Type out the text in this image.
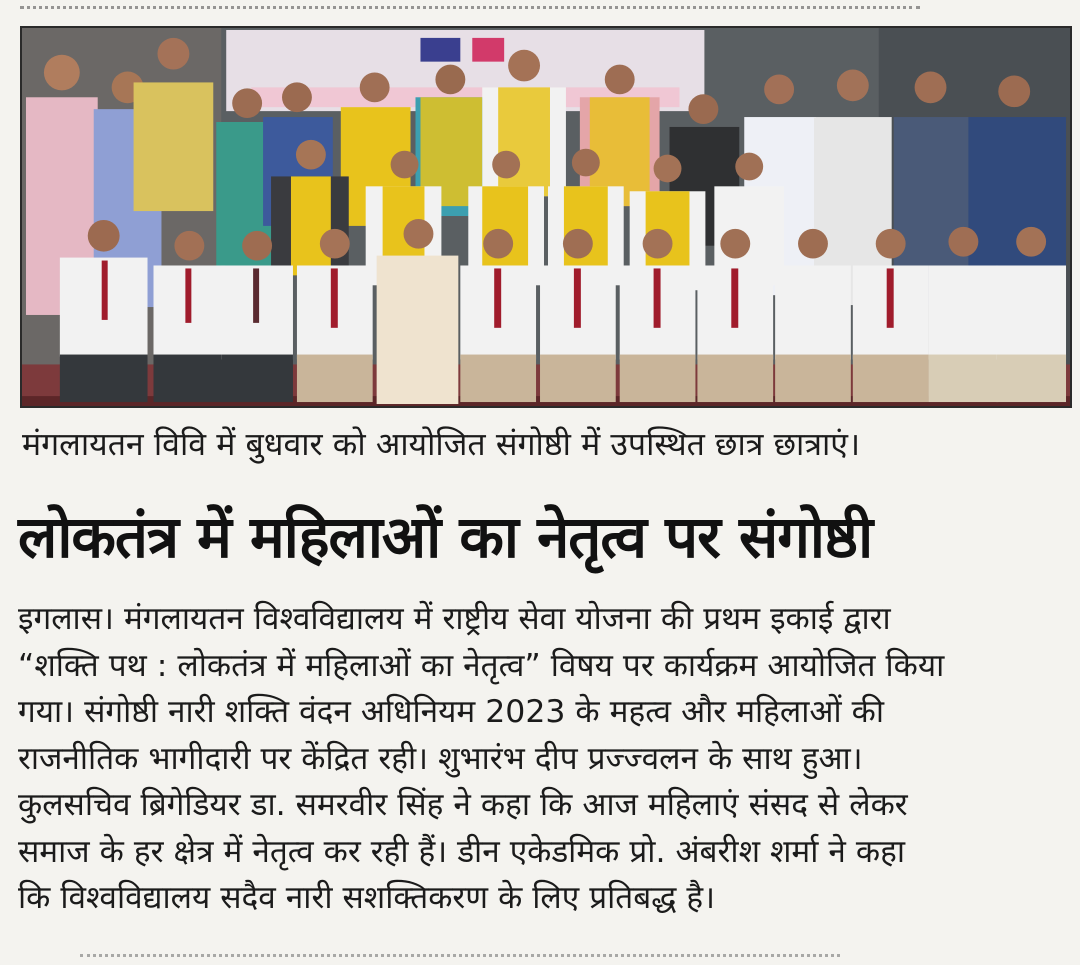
मंगलायतन विवि में बुधवार को आयोजित संगोष्ठी में उपस्थित छात्र छात्राएं।
लोकतंत्र में महिलाओं का नेतृत्व पर संगोष्ठी
इगलास। मंगलायतन विश्वविद्यालय में राष्ट्रीय सेवा योजना की प्रथम इकाई द्वारा
“शक्ति पथ : लोकतंत्र में महिलाओं का नेतृत्व” विषय पर कार्यक्रम आयोजित किया
गया। संगोष्ठी नारी शक्ति वंदन अधिनियम 2023 के महत्व और महिलाओं की
राजनीतिक भागीदारी पर केंद्रित रही। शुभारंभ दीप प्रज्ज्वलन के साथ हुआ।
कुलसचिव ब्रिगेडियर डा. समरवीर सिंह ने कहा कि आज महिलाएं संसद से लेकर
समाज के हर क्षेत्र में नेतृत्व कर रही हैं। डीन एकेडमिक प्रो. अंबरीश शर्मा ने कहा
कि विश्वविद्यालय सदैव नारी सशक्तिकरण के लिए प्रतिबद्ध है।
